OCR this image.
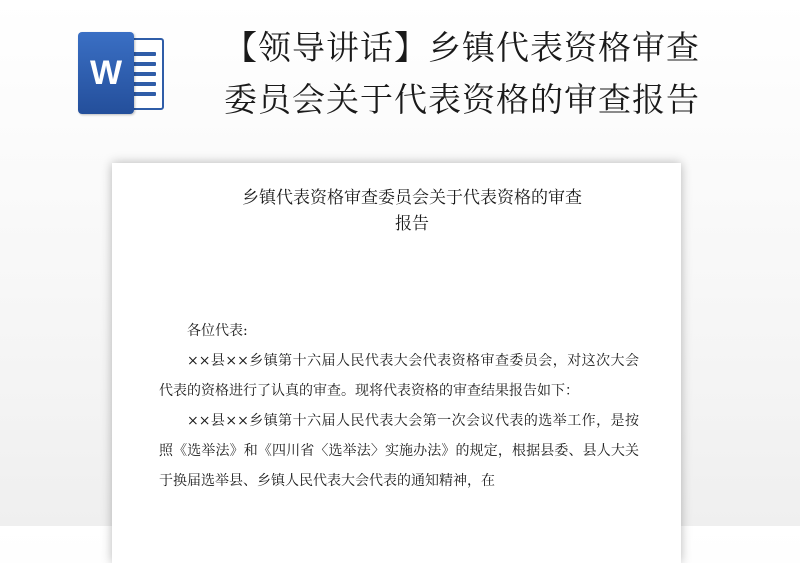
W
【领导讲话】乡镇代表资格审查
委员会关于代表资格的审查报告
乡镇代表资格审查委员会关于代表资格的审查
报告

各位代表:

××县××乡镇第十六届人民代表大会代表资格审查委员会，对这次大会代表的资格进行了认真的审查。现将代表资格的审查结果报告如下：

××县××乡镇第十六届人民代表大会第一次会议代表的选举工作，是按照《选举法》和《四川省〈选举法〉实施办法》的规定，根据县委、县人大关于换届选举县、乡镇人民代表大会代表的通知精神，在
